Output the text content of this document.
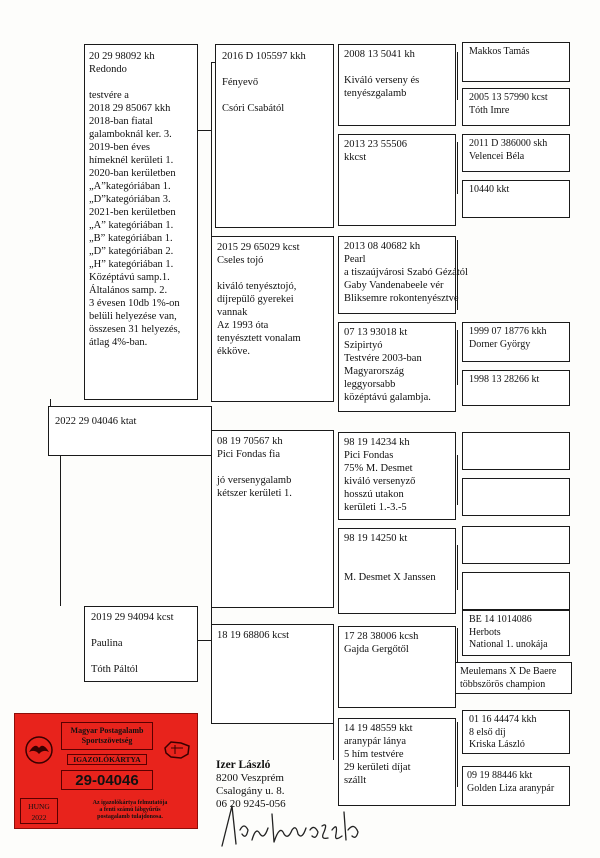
20 29 98092 kh
Redondo

testvére a
2018 29 85067 kkh
2018-ban fiatal
galambok​nál ker. 3.
2019-ben éves
hímeknél kerületi 1.
2020-ban kerületben
„A”kategóriában 1.
„D”kategóriában 3.
2021-ben kerületben
„A” kategóriában 1.
„B” kategóriában 1.
„D” kategóriában 2.
„H” kategóriában 1.
Középtávú samp.1.
Általános samp. 2.
3 évesen 10db 1%-on
belüli helyezése van,
összesen 31 helyezés,
átlag 4%-ban.
2022 29 04046 ktat
2019 29 94094 kcst

Paulina

Tóth Páltól
2016 D 105597 kkh

Fényevő

Csóri Csabától
2015 29 65029 kcst
Cseles tojó

kiváló tenyésztojó,
díjrepülő gyerekei
vannak
Az 1993 óta
tenyésztett vonalam
ékköve.
08 19 70567 kh
Pici Fondas fia

jó versenygalamb
kétszer kerületi 1.
18 19 68806 kcst
2008 13 5041 kh

Kiváló verseny és
tenyészgalamb
2013 23 55506
kkcst
2013 08 40682 kh
Pearl
a tiszaújvárosi Szabó Gézától
Gaby Vandenabeele vér
Bliksemre rokontenyésztve
07 13 93018 kt
Szipirtyó
Testvére 2003-ban
Magyarország
leggyorsabb
középtávú galambja.
98 19 14234 kh
Pici Fondas
75% M. Desmet
kiváló versenyző
hosszú utakon
kerületi 1.-3.-5
98 19 14250 kt

M. Desmet X Janssen
17 28 38006 kcsh
Gajda Gergőtől
14 19 48559 kkt
aranypár lánya
5 hím testvére
29 kerületi díjat
szállt
Makkos Tamás
2005 13 57990 kcst
Tóth Imre
2011 D 386000 skh
Velencei Béla
10440 kkt
1999 07 18776 kkh
Dorner György
1998 13 28266 kt
BE 14 1014086
Herbots
National 1. unokája
Meulemans X De Baere
többszörös champion
01 16 44474 kkh
8 első díj
Kriska László
09 19 88446 kkt
Golden Liza aranypár
Magyar Postagalamb
Sportszövetség
IGAZOLÓKÁRTYA
29-04046
HUNG
2022
Az igazolókártya felmutatója
a fenti számú lábgyűrűs
postagalamb tulajdonosa.

Izer László

8200 Veszprém
Csalogány u. 8.
06 20 9245-056
